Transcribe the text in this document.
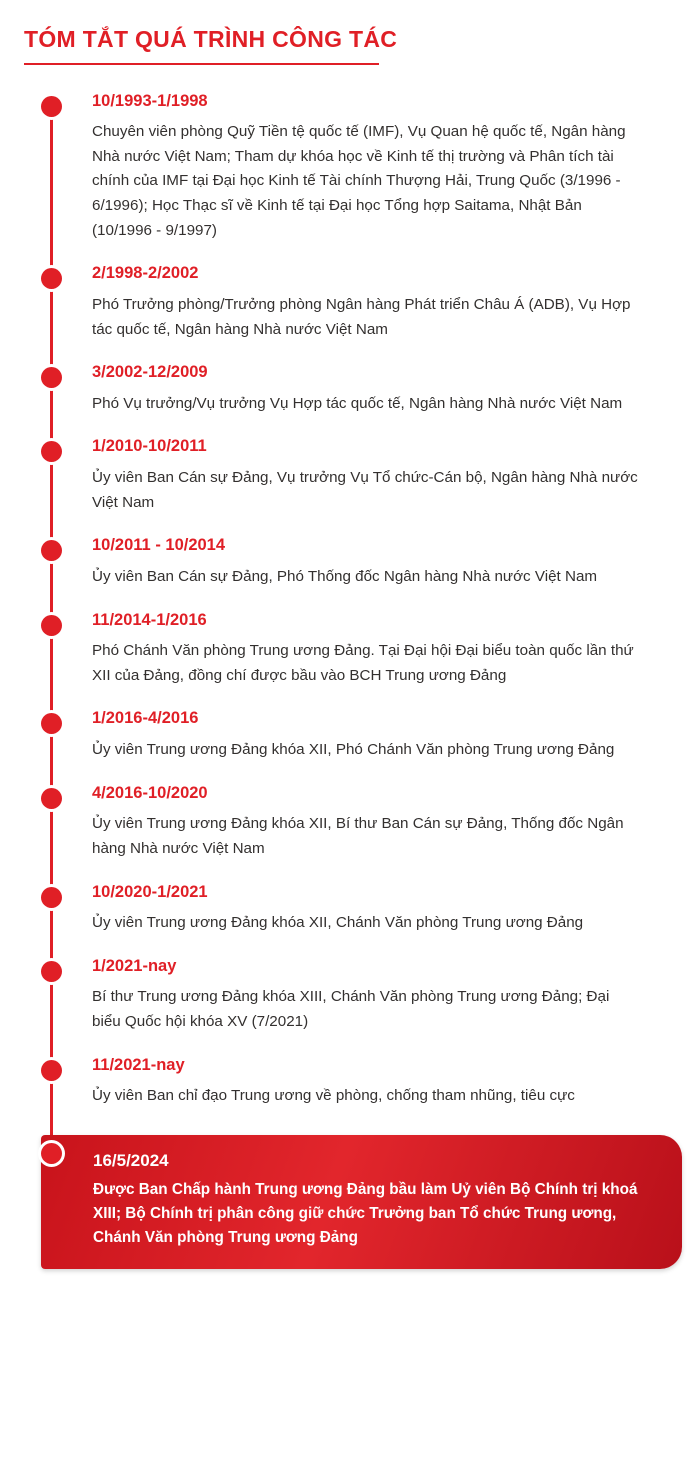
TÓM TẮT QUÁ TRÌNH CÔNG TÁC

10/1993-1/1998

Chuyên viên phòng Quỹ Tiền tệ quốc tế (IMF), Vụ Quan hệ quốc tế, Ngân hàng Nhà nước Việt Nam; Tham dự khóa học về Kinh tế thị trường và Phân tích tài chính của IMF tại Đại học Kinh tế Tài chính Thượng Hải, Trung Quốc (3/1996 - 6/1996); Học Thạc sĩ về Kinh tế tại Đại học Tổng hợp Saitama, Nhật Bản (10/1996 - 9/1997)

2/1998-2/2002

Phó Trưởng phòng/Trưởng phòng Ngân hàng Phát triển Châu Á (ADB), Vụ Hợp tác quốc tế, Ngân hàng Nhà nước Việt Nam

3/2002-12/2009

Phó Vụ trưởng/Vụ trưởng Vụ Hợp tác quốc tế, Ngân hàng Nhà nước Việt Nam

1/2010-10/2011

Ủy viên Ban Cán sự Đảng, Vụ trưởng Vụ Tổ chức-Cán bộ, Ngân hàng Nhà nước Việt Nam

10/2011 - 10/2014

Ủy viên Ban Cán sự Đảng, Phó Thống đốc Ngân hàng Nhà nước Việt Nam

11/2014-1/2016

Phó Chánh Văn phòng Trung ương Đảng. Tại Đại hội Đại biểu toàn quốc lần thứ XII của Đảng, đồng chí được bầu vào BCH Trung ương Đảng

1/2016-4/2016

Ủy viên Trung ương Đảng khóa XII, Phó Chánh Văn phòng Trung ương Đảng

4/2016-10/2020

Ủy viên Trung ương Đảng khóa XII, Bí thư Ban Cán sự Đảng, Thống đốc Ngân hàng Nhà nước Việt Nam

10/2020-1/2021

Ủy viên Trung ương Đảng khóa XII, Chánh Văn phòng Trung ương Đảng

1/2021-nay

Bí thư Trung ương Đảng khóa XIII, Chánh Văn phòng Trung ương Đảng; Đại biểu Quốc hội khóa XV (7/2021)

11/2021-nay

Ủy viên Ban chỉ đạo Trung ương về phòng, chống tham nhũng, tiêu cực

16/5/2024

Được Ban Chấp hành Trung ương Đảng bầu làm Uỷ viên Bộ Chính trị khoá XIII; Bộ Chính trị phân công giữ chức Trưởng ban Tổ chức Trung ương, Chánh Văn phòng Trung ương Đảng
